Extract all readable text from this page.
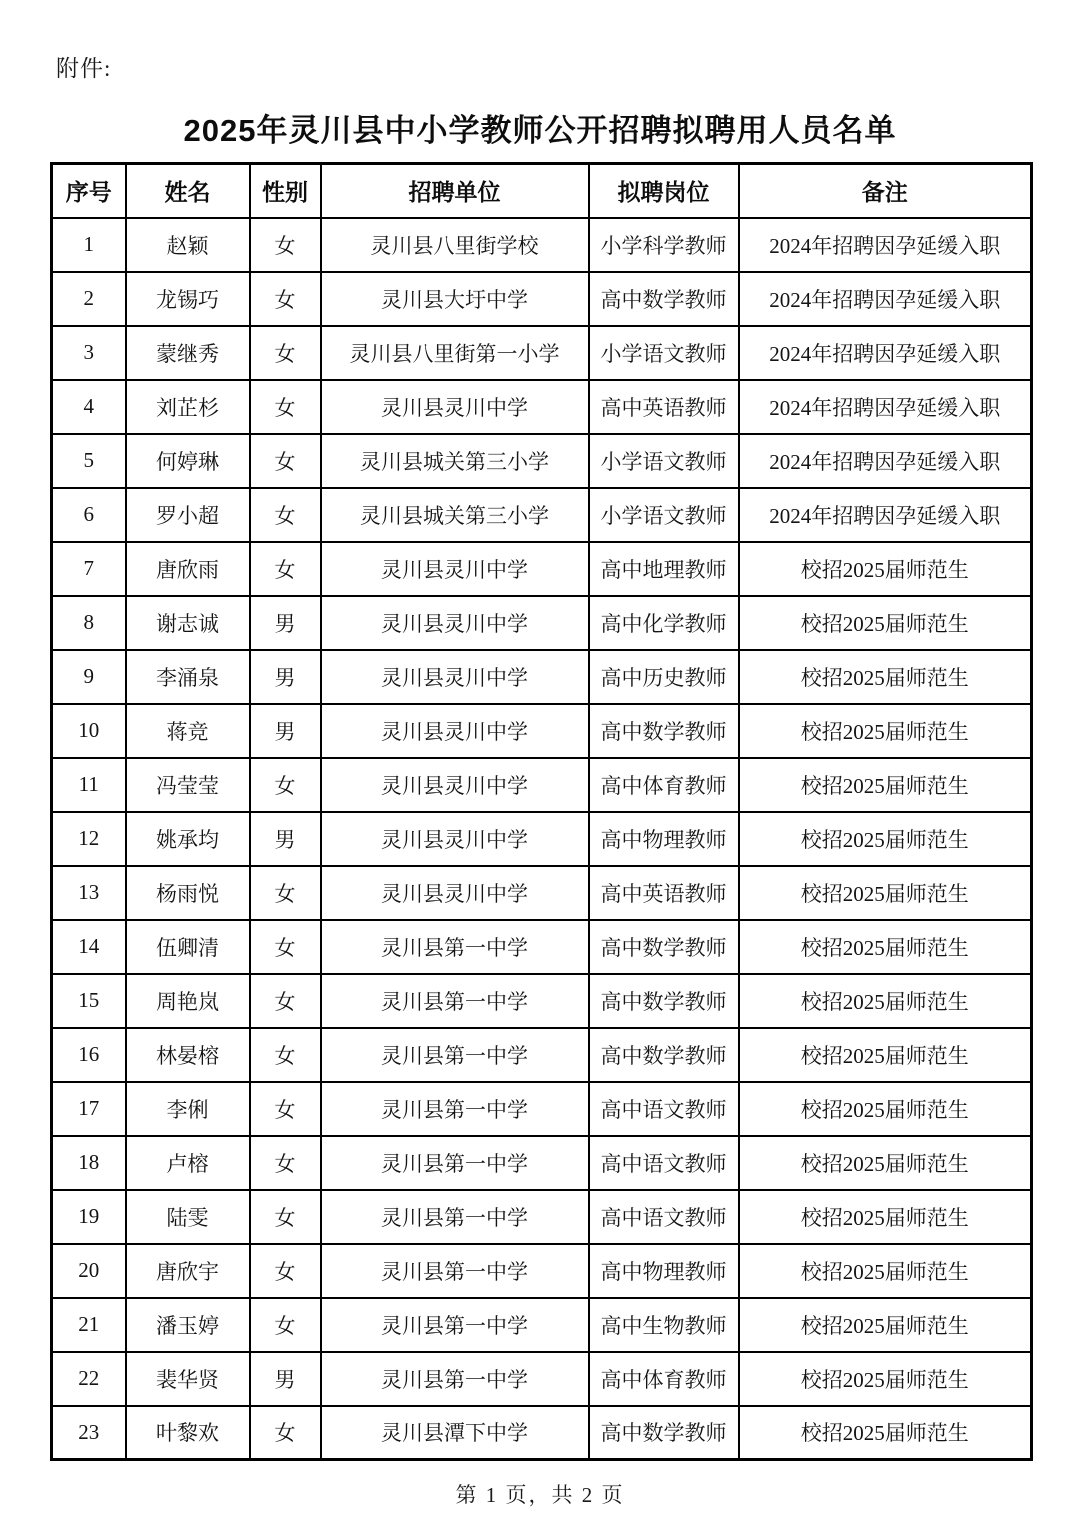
附件:
2025年灵川县中小学教师公开招聘拟聘用人员名单
序号	姓名	性别	招聘单位	拟聘岗位	备注
1	赵颖	女	灵川县八里街学校	小学科学教师	2024年招聘因孕延缓入职
2	龙锡巧	女	灵川县大圩中学	高中数学教师	2024年招聘因孕延缓入职
3	蒙继秀	女	灵川县八里街第一小学	小学语文教师	2024年招聘因孕延缓入职
4	刘芷杉	女	灵川县灵川中学	高中英语教师	2024年招聘因孕延缓入职
5	何婷琳	女	灵川县城关第三小学	小学语文教师	2024年招聘因孕延缓入职
6	罗小超	女	灵川县城关第三小学	小学语文教师	2024年招聘因孕延缓入职
7	唐欣雨	女	灵川县灵川中学	高中地理教师	校招2025届师范生
8	谢志诚	男	灵川县灵川中学	高中化学教师	校招2025届师范生
9	李涌泉	男	灵川县灵川中学	高中历史教师	校招2025届师范生
10	蒋竞	男	灵川县灵川中学	高中数学教师	校招2025届师范生
11	冯莹莹	女	灵川县灵川中学	高中体育教师	校招2025届师范生
12	姚承均	男	灵川县灵川中学	高中物理教师	校招2025届师范生
13	杨雨悦	女	灵川县灵川中学	高中英语教师	校招2025届师范生
14	伍卿清	女	灵川县第一中学	高中数学教师	校招2025届师范生
15	周艳岚	女	灵川县第一中学	高中数学教师	校招2025届师范生
16	林晏榕	女	灵川县第一中学	高中数学教师	校招2025届师范生
17	李俐	女	灵川县第一中学	高中语文教师	校招2025届师范生
18	卢榕	女	灵川县第一中学	高中语文教师	校招2025届师范生
19	陆雯	女	灵川县第一中学	高中语文教师	校招2025届师范生
20	唐欣宇	女	灵川县第一中学	高中物理教师	校招2025届师范生
21	潘玉婷	女	灵川县第一中学	高中生物教师	校招2025届师范生
22	裴华贤	男	灵川县第一中学	高中体育教师	校招2025届师范生
23	叶黎欢	女	灵川县潭下中学	高中数学教师	校招2025届师范生
第 1 页，共 2 页
